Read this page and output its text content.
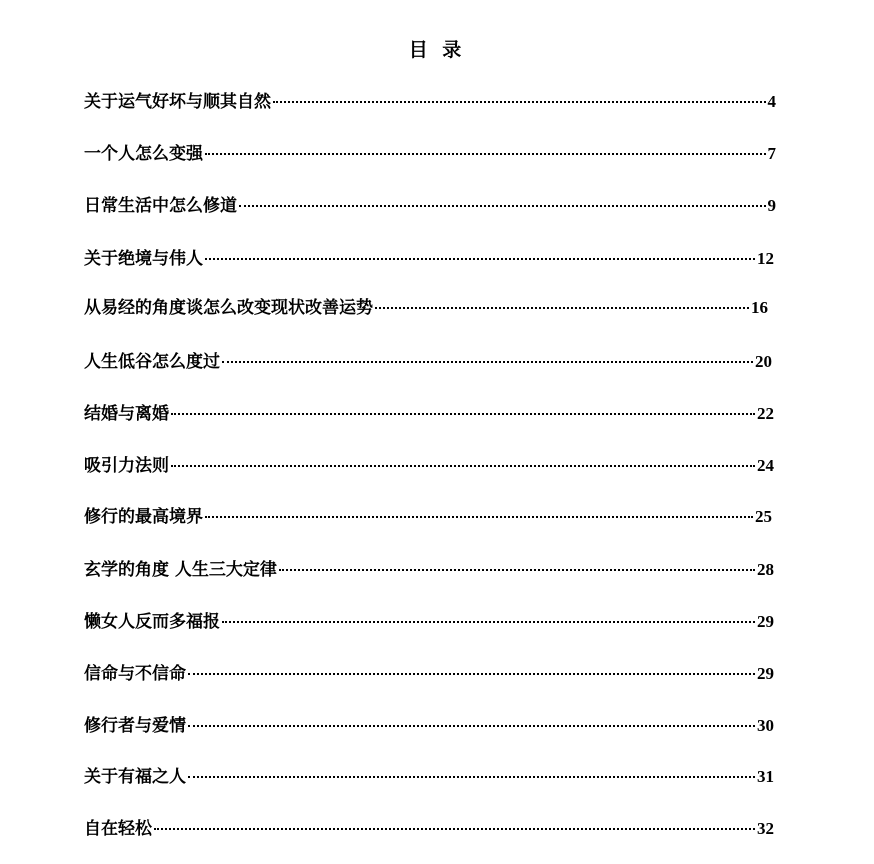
目 录
关于运气好坏与顺其自然	4
一个人怎么变强	7
日常生活中怎么修道	9
关于绝境与伟人	12
从易经的角度谈怎么改变现状改善运势	16
人生低谷怎么度过	20
结婚与离婚	22
吸引力法则	24
修行的最高境界	25
玄学的角度 人生三大定律	28
懒女人反而多福报	29
信命与不信命	29
修行者与爱情	30
关于有福之人	31
自在轻松	32
